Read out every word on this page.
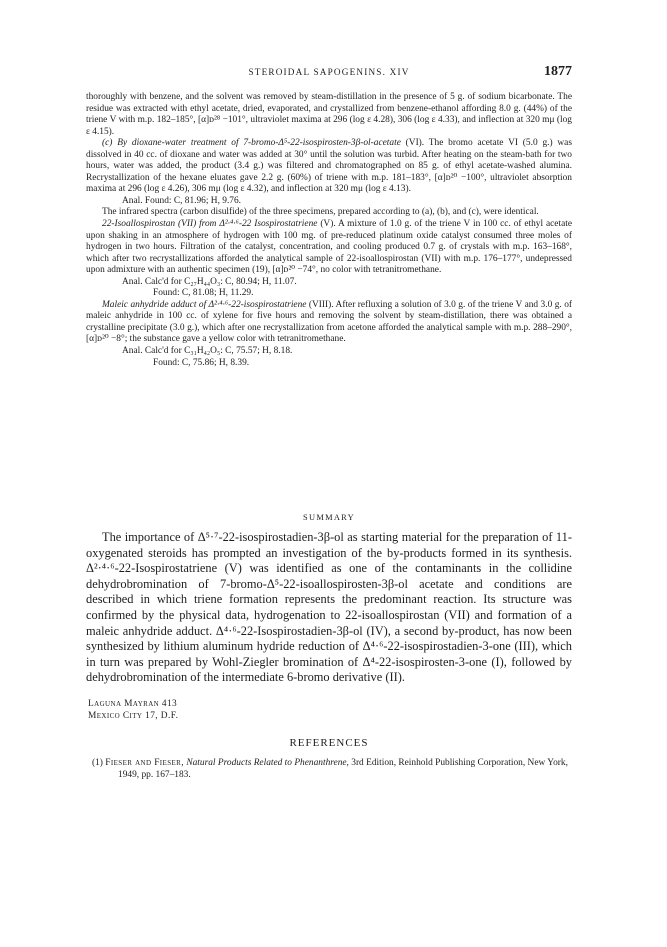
STEROIDAL SAPOGENINS. XIV	1877

thoroughly with benzene, and the solvent was removed by steam-distillation in the presence of 5 g. of sodium bicarbonate. The residue was extracted with ethyl acetate, dried, evaporated, and crystallized from benzene-ethanol affording 8.0 g. (44%) of the triene V with m.p. 182–185°, [α]ᴅ²⁸ −101°, ultraviolet maxima at 296 (log ε 4.28), 306 (log ε 4.33), and inflection at 320 mμ (log ε 4.15).

(c) By dioxane-water treatment of 7-bromo-Δ⁵-22-isospirosten-3β-ol-acetate (VI). The bromo acetate VI (5.0 g.) was dissolved in 40 cc. of dioxane and water was added at 30° until the solution was turbid. After heating on the steam-bath for two hours, water was added, the product (3.4 g.) was filtered and chromatographed on 85 g. of ethyl acetate-washed alumina. Recrystallization of the hexane eluates gave 2.2 g. (60%) of triene with m.p. 181–183°, [α]ᴅ²⁰ −100°, ultraviolet absorption maxima at 296 (log ε 4.26), 306 mμ (log ε 4.32), and inflection at 320 mμ (log ε 4.13).

Anal. Found: C, 81.96; H, 9.76.

The infrared spectra (carbon disulfide) of the three specimens, prepared according to (a), (b), and (c), were identical.

22-Isoallospirostan (VII) from Δ²·⁴·⁶-22 Isospirostatriene (V). A mixture of 1.0 g. of the triene V in 100 cc. of ethyl acetate upon shaking in an atmosphere of hydrogen with 100 mg. of pre-reduced platinum oxide catalyst consumed three moles of hydrogen in two hours. Filtration of the catalyst, concentration, and cooling produced 0.7 g. of crystals with m.p. 163–168°, which after two recrystallizations afforded the analytical sample of 22-isoallospirostan (VII) with m.p. 176–177°, undepressed upon admixture with an authentic specimen (19), [α]ᴅ²⁰ −74°, no color with tetranitromethane.

Anal. Calc'd for C₂₇H₄₄O₃: C, 80.94; H, 11.07.

Found: C, 81.08; H, 11.29.

Maleic anhydride adduct of Δ²·⁴·⁶-22-isospirostatriene (VIII). After refluxing a solution of 3.0 g. of the triene V and 3.0 g. of maleic anhydride in 100 cc. of xylene for five hours and removing the solvent by steam-distillation, there was obtained a crystalline precipitate (3.0 g.), which after one recrystallization from acetone afforded the analytical sample with m.p. 288–290°, [α]ᴅ²⁰ −8°; the substance gave a yellow color with tetranitromethane.

Anal. Calc'd for C₃₁H₄₂O₅: C, 75.57; H, 8.18.

Found: C, 75.86; H, 8.39.

SUMMARY

The importance of Δ⁵·⁷-22-isospirostadien-3β-ol as starting material for the preparation of 11-oxygenated steroids has prompted an investigation of the by-products formed in its synthesis. Δ²·⁴·⁶-22-Isospirostatriene (V) was identified as one of the contaminants in the collidine dehydrobromination of 7-bromo-Δ⁵-22-isoallospirosten-3β-ol acetate and conditions are described in which triene formation represents the predominant reaction. Its structure was confirmed by the physical data, hydrogenation to 22-isoallospirostan (VII) and formation of a maleic anhydride adduct. Δ⁴·⁶-22-Isospirostadien-3β-ol (IV), a second by-product, has now been synthesized by lithium aluminum hydride reduction of Δ⁴·⁶-22-isospirostadien-3-one (III), which in turn was prepared by Wohl-Ziegler bromination of Δ⁴-22-isospirosten-3-one (I), followed by dehydrobromination of the intermediate 6-bromo derivative (II).

Laguna Mayran 413
Mexico City 17, D.F.
REFERENCES
(1) Fieser and Fieser, Natural Products Related to Phenanthrene, 3rd Edition, Reinhold Publishing Corporation, New York, 1949, pp. 167–183.
